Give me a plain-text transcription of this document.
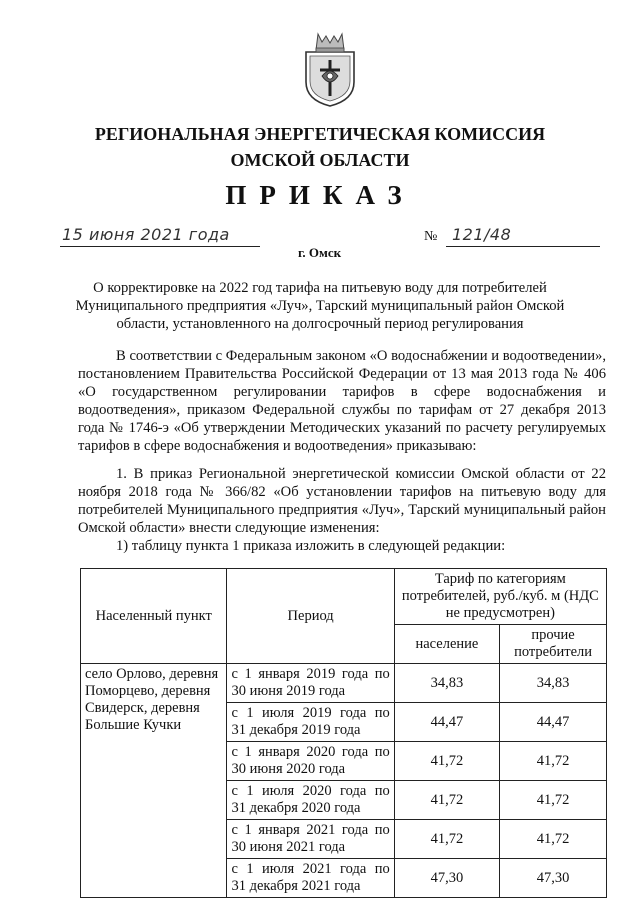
РЕГИОНАЛЬНАЯ ЭНЕРГЕТИЧЕСКАЯ КОМИССИЯ
ОМСКОЙ ОБЛАСТИ
ПРИКАЗ
15 июня 2021 года
г. Омск
№ 121/48
О корректировке на 2022 год тарифа на питьевую воду для потребителей Муниципального предприятия «Луч», Тарский муниципальный район Омской области, установленного на долгосрочный период регулирования
В соответствии с Федеральным законом «О водоснабжении и водоотведении», постановлением Правительства Российской Федерации от 13 мая 2013 года № 406 «О государственном регулировании тарифов в сфере водоснабжения и водоотведения», приказом Федеральной службы по тарифам от 27 декабря 2013 года № 1746-э «Об утверждении Методических указаний по расчету регулируемых тарифов в сфере водоснабжения и водоотведения» приказываю:
1. В приказ Региональной энергетической комиссии Омской области от 22 ноября 2018 года № 366/82 «Об установлении тарифов на питьевую воду для потребителей Муниципального предприятия «Луч», Тарский муниципальный район Омской области» внести следующие изменения:
1) таблицу пункта 1 приказа изложить в следующей редакции:
Населенный пункт	Период	Тариф по категориям потребителей, руб./куб. м (НДС не предусмотрен)	
		население	прочие потребители
село Орлово, деревня Поморцево, деревня Свидерск, деревня Большие Кучки	с 1 января 2019 года по
30 июня 2019 года	34,83	34,83
	с 1 июля 2019 года по
31 декабря 2019 года	44,47	44,47
	с 1 января 2020 года по
30 июня 2020 года	41,72	41,72
	с 1 июля 2020 года по
31 декабря 2020 года	41,72	41,72
	с 1 января 2021 года по
30 июня 2021 года	41,72	41,72
	с 1 июля 2021 года по
31 декабря 2021 года	47,30	47,30
